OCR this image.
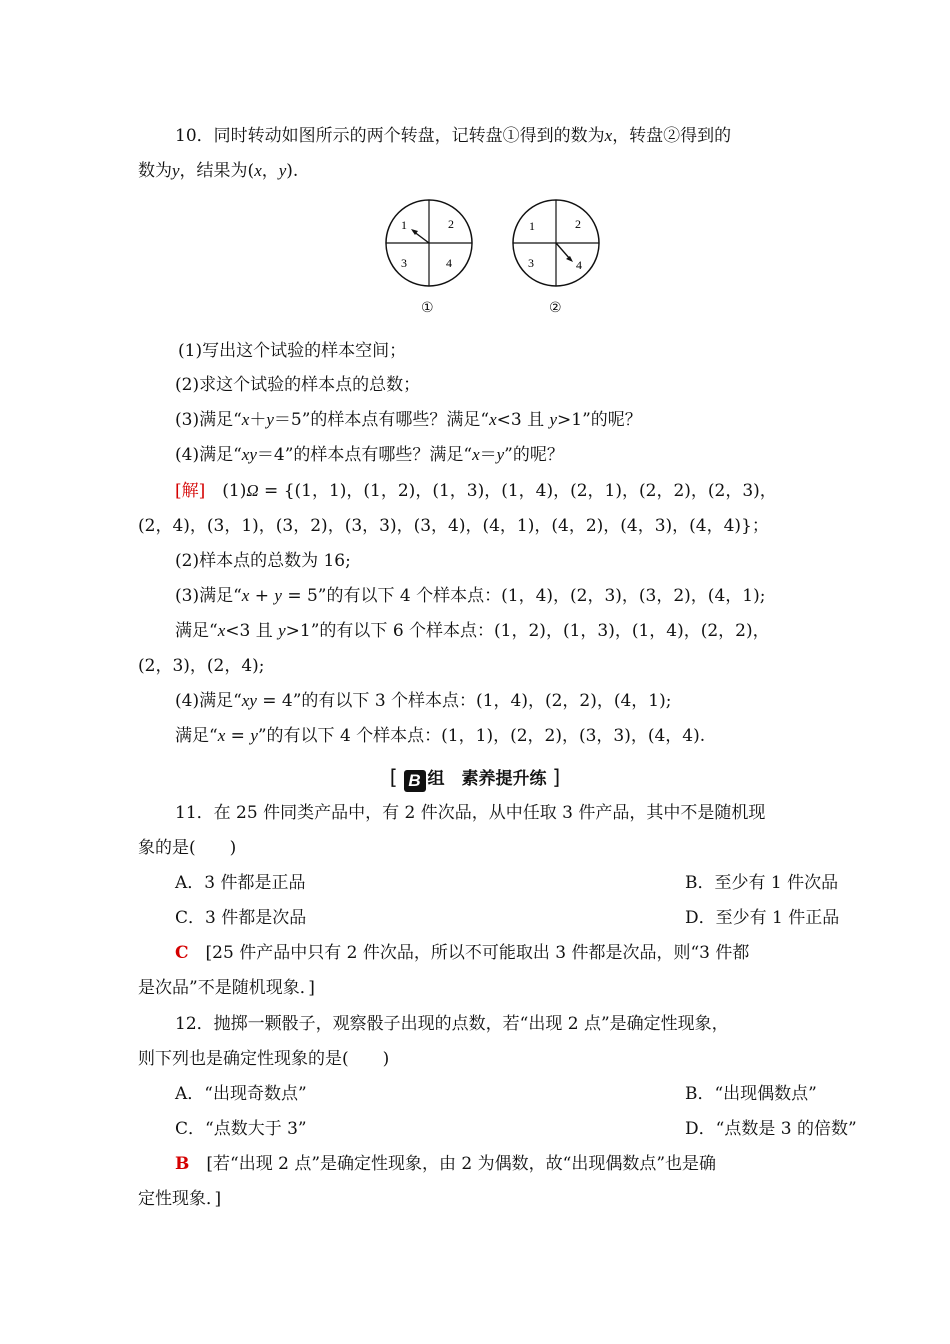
10．同时转动如图所示的两个转盘，记转盘①得到的数为x，转盘②得到的
数为y，结果为(x，y).
1	2
3	4
1	2
3	4
①	②
(1)写出这个试验的样本空间；
(2)求这个试验的样本点的总数；
(3)满足“x＋y＝5”的样本点有哪些？满足“x<3 且 y>1”的呢？
(4)满足“xy＝4”的样本点有哪些？满足“x＝y”的呢？
[解]　 (1)Ω = {(1，1)，(1，2)，(1，3)，(1，4)，(2，1)，(2，2)，(2，3)，
(2，4)，(3，1)，(3，2)，(3，3)，(3，4)，(4，1)，(4，2)，(4，3)，(4，4)}；
(2)样本点的总数为 16;
(3)满足“x + y = 5”的有以下 4 个样本点：(1，4)，(2，3)，(3，2)，(4，1);
满足“x<3 且 y>1”的有以下 6 个样本点：(1，2)，(1，3)，(1，4)，(2，2)，
(2，3)，(2，4);
(4)满足“xy = 4”的有以下 3 个样本点：(1，4)，(2，2)，(4，1);
满足“x = y”的有以下 4 个样本点：(1，1)，(2，2)，(3，3)，(4，4).
[ B 组　素养提升练 ]
11．在 25 件同类产品中，有 2 件次品，从中任取 3 件产品，其中不是随机现
象的是(　　)
A．3 件都是正品	B．至少有 1 件次品
C．3 件都是次品	D．至少有 1 件正品
C　 [25 件产品中只有 2 件次品，所以不可能取出 3 件都是次品，则“3 件都
是次品”不是随机现象．]
12．抛掷一颗骰子，观察骰子出现的点数，若“出现 2 点”是确定性现象，
则下列也是确定性现象的是(　　)
A．“出现奇数点”	B．“出现偶数点”
C．“点数大于 3”	D．“点数是 3 的倍数”
B　 [若“出现 2 点”是确定性现象，由 2 为偶数，故“出现偶数点”也是确
定性现象．]
